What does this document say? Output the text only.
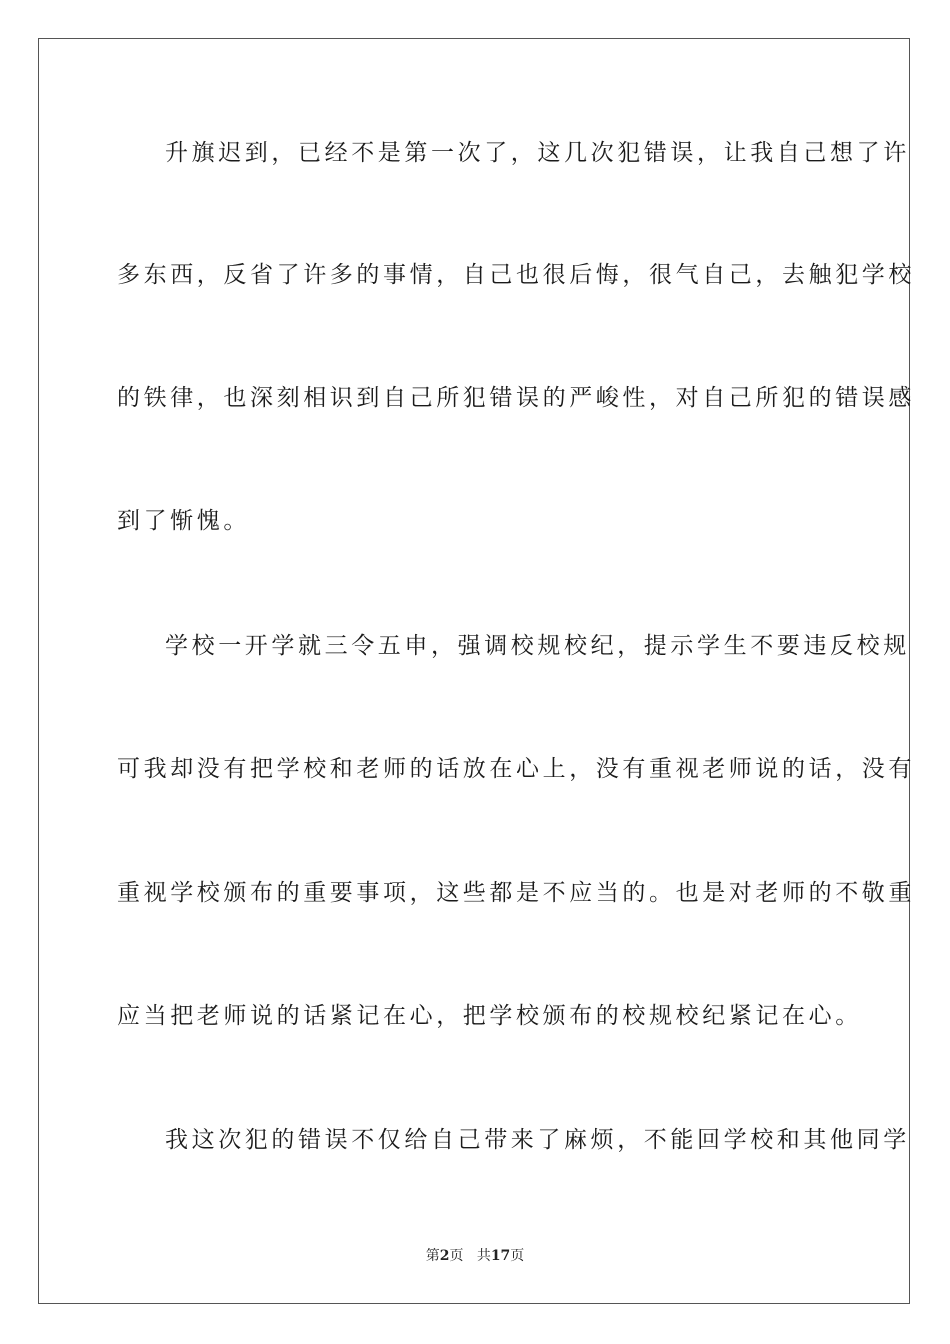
升旗迟到，已经不是第一次了，这几次犯错误，让我自己想了许
多东西，反省了许多的事情，自己也很后悔，很气自己，去触犯学校
的铁律，也深刻相识到自己所犯错误的严峻性，对自己所犯的错误感
到了惭愧。
学校一开学就三令五申，强调校规校纪，提示学生不要违反校规
可我却没有把学校和老师的话放在心上，没有重视老师说的话，没有
重视学校颁布的重要事项，这些都是不应当的。也是对老师的不敬重
应当把老师说的话紧记在心，把学校颁布的校规校纪紧记在心。
我这次犯的错误不仅给自己带来了麻烦，不能回学校和其他同学
第2页 共17页
